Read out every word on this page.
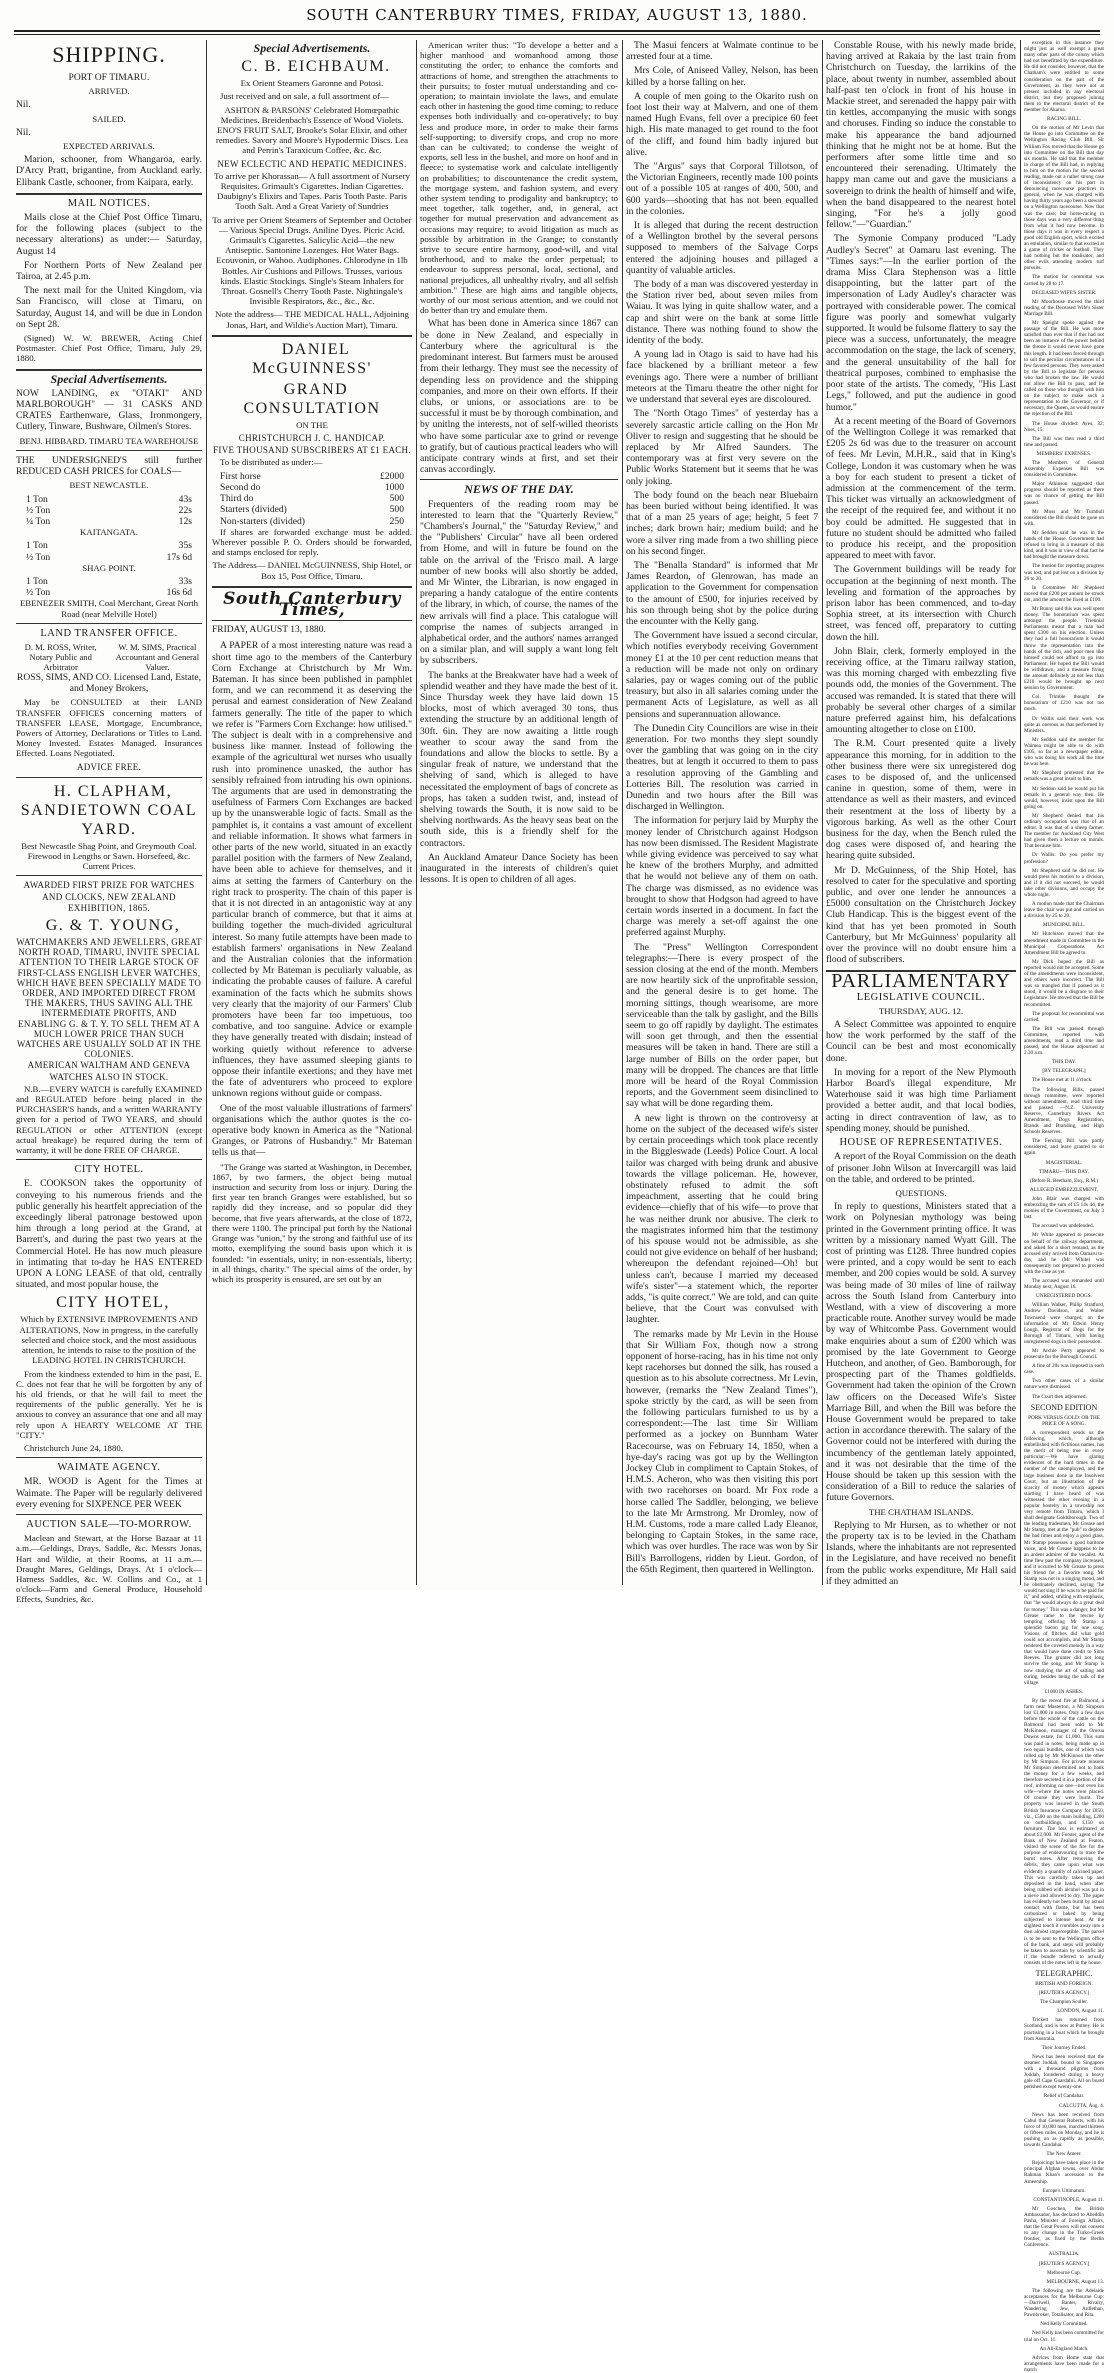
SOUTH CANTERBURY TIMES, FRIDAY, AUGUST 13, 1880.
SHIPPING.

PORT OF TIMARU.

ARRIVED.

Nil.

SAILED.

Nil.

EXPECTED ARRIVALS.

Marion, schooner, from Whangaroa, early. D'Arcy Pratt, brigantine, from Auckland early. Elibank Castle, schooner, from Kaipara, early.

MAIL NOTICES.

Mails close at the Chief Post Office Timaru, for the following places (subject to the necessary alterations) as under:— Saturday, August 14

For Northern Ports of New Zealand per Tairoa, at 2.45 p.m.

The next mail for the United Kingdom, via San Francisco, will close at Timaru, on Saturday, August 14, and will be due in London on Sept 28.

(Signed) W. W. BREWER, Acting Chief Postmaster. Chief Post Office, Timaru, July 29, 1880.

Special Advertisements.

NOW LANDING, ex "OTAKI" AND MARLBOROUGH" — 31 CASKS AND CRATES Earthenware, Glass, Ironmongery, Cutlery, Tinware, Bushware, Oilmen's Stores.

BENJ. HIBBARD. TIMARU TEA WAREHOUSE

THE UNDERSIGNED'S still further REDUCED CASH PRICES for COALS—

BEST NEWCASTLE.

1 Ton	43s
½ Ton	22s
¼ Ton	12s

KAITANGATA.

1 Ton	35s
½ Ton	17s 6d

SHAG POINT.

1 Ton	33s
½ Ton	16s 6d

EBENEZER SMITH, Coal Merchant, Great North Road (near Melville Hotel)

LAND TRANSFER OFFICE.

D. M. ROSS, Writer, Notary Public and Arbitrator
W. M. SIMS, Practical Accountant and General Valuer.

ROSS, SIMS, AND CO. Licensed Land, Estate, and Money Brokers,

May be CONSULTED at their LAND TRANSFER OFFICES concerning matters of TRANSFER LEASE, Mortgage, Encumbrance, Powers of Attorney, Declarations or Titles to Land. Money Invested. Estates Managed. Insurances Effected. Loans Negotiated.

ADVICE FREE.

H. CLAPHAM, SANDIETOWN COAL YARD.

Best Newcastle Shag Point, and Greymouth Coal. Firewood in Lengths or Sawn. Horsefeed, &c. Current Prices.

AWARDED FIRST PRIZE FOR WATCHES AND CLOCKS, NEW ZEALAND EXHIBITION, 1865.

G. & T. YOUNG,

WATCHMAKERS AND JEWELLERS, GREAT NORTH ROAD, TIMARU, INVITE SPECIAL ATTENTION TO THEIR LARGE STOCK OF FIRST-CLASS ENGLISH LEVER WATCHES, WHICH HAVE BEEN SPECIALLY MADE TO ORDER, AND IMPORTED DIRECT FROM THE MAKERS, THUS SAVING ALL THE INTERMEDIATE PROFITS, AND ENABLING G. & T. Y. TO SELL THEM AT A MUCH LOWER PRICE THAN SUCH WATCHES ARE USUALLY SOLD AT IN THE COLONIES.

AMERICAN WALTHAM AND GENEVA WATCHES ALSO IN STOCK.

N.B.—EVERY WATCH is carefully EXAMINED and REGULATED before being placed in the PURCHASER'S hands, and a written WARRANTY given for a period of TWO YEARS, and should REGULATION or other ATTENTION (except actual breakage) be required during the term of warranty, it will be done FREE OF CHARGE.

CITY HOTEL.

E. COOKSON takes the opportunity of conveying to his numerous friends and the public generally his heartfelt appreciation of the exceedingly liberal patronage bestowed upon him through a long period at the Grand, at Barrett's, and during the past two years at the Commercial Hotel. He has now much pleasure in intimating that to-day he HAS ENTERED UPON A LONG LEASE of that old, centrally situated, and most popular house, the

CITY HOTEL,

Which by EXTENSIVE IMPROVEMENTS AND ALTERATIONS, Now in progress, in the carefully selected and choice stock, and the most assiduous attention, he intends to raise to the position of the LEADING HOTEL IN CHRISTCHURCH.

From the kindness extended to him in the past, E. C. does not fear that he will be forgotten by any of his old friends, or that he will fail to meet the requirements of the public generally. Yet he is anxious to convey an assurance that one and all may rely upon A HEARTY WELCOME AT THE "CITY."

Christchurch June 24, 1880.

WAIMATE AGENCY.

MR. WOOD is Agent for the Times at Waimate. The Paper will be regularly delivered every evening for SIXPENCE PER WEEK

AUCTION SALE—TO-MORROW.

Maclean and Stewart, at the Horse Bazaar at 11 a.m.—Geldings, Drays, Saddle, &c. Messrs Jonas, Hart and Wildie, at their Rooms, at 11 a.m.—Draught Mares, Geldings, Drays. At 1 o'clock—Harness Saddles, &c. W. Collins and Co., at 1 o'clock—Farm and General Produce, Household Effects, Sundries, &c.

Special Advertisements.

C. B. EICHBAUM.

Ex Orient Steamers Garonne and Potosi.

Just received and on sale, a full assortment of—

ASHTON & PARSONS' Celebrated Homœpathic Medicines. Breidenbach's Essence of Wood Violets. ENO'S FRUIT SALT, Brooke's Solar Elixir, and other remedies. Savory and Moore's Hypodermic Discs. Lea and Perrin's Taraxicum Coffee, &c. &c.

NEW ECLECTIC AND HEPATIC MEDICINES.

To arrive per Khorassan— A full assortment of Nursery Requisites. Grimault's Cigarettes. Indian Cigarettes. Daubigny's Elixirs and Tapes. Paris Tooth Paste. Paris Tooth Salt. And a Great Variety of Sundries

To arrive per Orient Steamers of September and October— Various Special Drugs. Aniline Dyes. Picric Acid. Grimault's Cigarettes. Salicylic Acid—the new Antiseptic. Santonine Lozenges. Hot Water Bags. Ecouvonin, or Wahoo. Audiphones. Chlorodyne in 1lb Bottles. Air Cushions and Pillows. Trusses, various kinds. Elastic Stockings. Single's Steam Inhalers for Throat. Gosnell's Cherry Tooth Paste. Nightingale's Invisible Respirators, &c., &c., &c.

Note the address— THE MEDICAL HALL, Adjoining Jonas, Hart, and Wildie's Auction Mart), Timaru.

DANIEL McGUINNESS'

GRAND CONSULTATION

ON THE

CHRISTCHURCH J. C. HANDICAP.

FIVE THOUSAND SUBSCRIBERS AT £1 EACH.

To be distributed as under:—

First horse	£2000
Second do	1000
Third do	500
Starters (divided)	500
Non-starters (divided)	250

If shares are forwarded exchange must be added. Wherever possible P. O. Orders should be forwarded, and stamps enclosed for reply.

The Address— DANIEL McGUINNESS, Ship Hotel, or Box 15, Post Office, Timaru.

South Canterbury Times,

FRIDAY, AUGUST 13, 1880.

A PAPER of a most interesting nature was read a short time ago to the members of the Canterbury Corn Exchange at Christchurch by Mr Wm. Bateman. It has since been published in pamphlet form, and we can recommend it as deserving the perusal and earnest consideration of New Zealand farmers generally. The title of the paper to which we refer is "Farmers Corn Exchange: how utilised." The subject is dealt with in a comprehensive and business like manner. Instead of following the example of the agricultural wet nurses who usually rush into prominence unasked, the author has sensibly refrained from intruding his own opinions. The arguments that are used in demonstrating the usefulness of Farmers Corn Exchanges are backed up by the unanswerable logic of facts. Small as the pamphlet is, it contains a vast amount of excellent and reliable information. It shows what farmers in other parts of the new world, situated in an exactly parallel position with the farmers of New Zealand, have been able to achieve for themselves, and it aims at setting the farmers of Canterbury on the right track to prosperity. The chain of this paper is that it is not directed in an antagonistic way at any particular branch of commerce, but that it aims at building together the much-divided agricultural interest. So many futile attempts have been made to establish farmers' organisations in New Zealand and the Australian colonies that the information collected by Mr Bateman is peculiarly valuable, as indicating the probable causes of failure. A careful examination of the facts which he submits shows very clearly that the majority of our Farmers' Club promoters have been far too impetuous, too combative, and too sanguine. Advice or example they have generally treated with disdain; instead of working quietly without reference to adverse influences, they have assumed sleeping giants to oppose their infantile exertions; and they have met the fate of adventurers who proceed to explore unknown regions without guide or compass.

One of the most valuable illustrations of farmers' organisations which the author quotes is the co-operative body known in America as the "National Granges, or Patrons of Husbandry." Mr Bateman tells us that—

"The Grange was started at Washington, in December, 1867, by two farmers, the object being mutual instruction and security from loss or injury. During the first year ten branch Granges were established, but so rapidly did they increase, and so popular did they become, that five years afterwards, at the close of 1872, there were 1100. The principal put forth by the National Grange was "union," by the strong and faithful use of its motto, exemplifying the sound basis upon which it is founded: "in essentials, unity; in non-essentials, liberty; in all things, charity." The special aims of the order, by which its prosperity is ensured, are set out by an

American writer thus: "To develope a better and a higher manhood and womanhood among those constituting the order; to enhance the comforts and attractions of home, and strengthen the attachments to their pursuits; to foster mutual understanding and co-operation; to maintain inviolate the laws, and emulate each other in hastening the good time coming; to reduce expenses both individually and co-operatively; to buy less and produce more, in order to make their farms self-supporting; to diversify crops, and crop no more than can be cultivated; to condense the weight of exports, sell less in the bushel, and more on hoof and in fleece; to systematise work and calculate intelligently on probabilities; to discountenance the credit system, the mortgage system, and fashion system, and every other system tending to prodigality and bankruptcy; to meet together, talk together, and, in general, act together for mutual preservation and advancement as occasions may require; to avoid litigation as much as possible by arbitration in the Grange; to constantly strive to secure entire harmony, good-will, and vital brotherhood, and to make the order perpetual; to endeavour to suppress personal, local, sectional, and national prejudices, all unhealthy rivalry, and all selfish ambition." These are high aims and tangible objects, worthy of our most serious attention, and we could not do better than try and emulate them.

What has been done in America since 1867 can be done in New Zealand, and especially in Canterbury where the agricultural is the predominant interest. But farmers must be aroused from their lethargy. They must see the necessity of depending less on providence and the shipping companies, and more on their own efforts. If their clubs, or unions, or associations are to be successful it must be by thorough combination, and by unitlng the interests, not of self-willed theorists who have some particular axe to grind or revenge to gratify, but of cautious practical leaders who will anticipate contrary winds at first, and set their canvas accordingly.

NEWS OF THE DAY.

Frequenters of the reading room may be interested to learn that the "Quarterly Review," "Chambers's Journal," the "Saturday Review," and the "Publishers' Circular" have all been ordered from Home, and will in future be found on the table on the arrival of the 'Frisco mail. A large number of new books will also shortly be added, and Mr Winter, the Librarian, is now engaged in preparing a handy catalogue of the entire contents of the library, in which, of course, the names of the new arrivals will find a place. This catalogue will comprise the names of subjects arranged in alphabetical order, and the authors' names arranged on a similar plan, and will supply a want long felt by subscribers.

The banks at the Breakwater have had a week of splendid weather and they have made the best of it. Since Thursday week they have laid down 15 blocks, most of which averaged 30 tons, thus extending the structure by an additional length of 30ft. 6in. They are now awaiting a little rough weather to scour away the sand from the foundations and allow the blocks to settle. By a singular freak of nature, we understand that the shelving of sand, which is alleged to have necessitated the employment of bags of concrete as props, has taken a sudden twist, and, instead of shelving towards the South, it is now said to be shelving northwards. As the heavy seas beat on the south side, this is a friendly shelf for the contractors.

An Auckland Amateur Dance Society has been inaugurated in the interests of children's quiet lessons. It is open to children of all ages.

The Masui fencers at Walmate continue to be arrested four at a time.

Mrs Cole, of Aniseed Valley, Nelson, has been killed by a horse falling on her.

A couple of men going to the Okarito rush on foot lost their way at Malvern, and one of them named Hugh Evans, fell over a precipice 60 feet high. His mate managed to get round to the foot of the cliff, and found him badly injured but alive.

The "Argus" says that Corporal Tillotson, of the Victorian Engineers, recently made 100 points out of a possible 105 at ranges of 400, 500, and 600 yards—shooting that has not been equalled in the colonies.

It is alleged that during the recent destruction of a Wellington brothel by the several persons supposed to members of the Salvage Corps entered the adjoining houses and pillaged a quantity of valuable articles.

The body of a man was discovered yesterday in the Station river bed, about seven miles from Waiau. It was lying in quite shallow water, and a cap and shirt were on the bank at some little distance. There was nothing found to show the identity of the body.

A young lad in Otago is said to have had his face blackened by a brilliant meteor a few evenings ago. There were a number of brilliant meteors at the Timaru theatre the other night for we understand that several eyes are discoloured.

The "North Otago Times" of yesterday has a severely sarcastic article calling on the Hon Mr Oliver to resign and suggesting that he should be replaced by Mr Alfred Saunders. The contemporary was at first very severe on the Public Works Statement but it seems that he was only joking.

The body found on the beach near Bluebairn has been buried without being identified. It was that of a man 25 years of age; height, 5 feet 7 inches; dark brown hair; medium build; and he wore a silver ring made from a two shilling piece on his second finger.

The "Benalla Standard" is informed that Mr James Reardon, of Glenrowan, has made an application to the Government for compensation to the amount of £500, for injuries received by his son through being shot by the police during the encounter with the Kelly gang.

The Government have issued a second circular, which notifies everybody receiving Government money £1 at the 10 per cent reduction means that a reduction will be made not only on ordinary salaries, pay or wages coming out of the public treasury, but also in all salaries coming under the permanent Acts of Legislature, as well as all pensions and superannuation allowance.

The Dunedin City Councillors are wise in their generation. For two months they slept soundly over the gambling that was going on in the city theatres, but at length it occurred to them to pass a resolution approving of the Gambling and Lotteries Bill. The resolution was carried in Dunedin and two hours after the Bill was discharged in Wellington.

The information for perjury laid by Murphy the money lender of Christchurch against Hodgson has now been dismissed. The Resident Magistrate while giving evidence was perceived to say what he knew of the brothers Murphy, and admitted that he would not believe any of them on oath. The charge was dismissed, as no evidence was brought to show that Hodgson had agreed to have certain words inserted in a document. In fact the charge was merely a set-off against the one preferred against Murphy.

The "Press" Wellington Correspondent telegraphs:—There is every prospect of the session closing at the end of the month. Members are now heartily sick of the unprofitable session, and the general desire is to get home. The morning sittings, though wearisome, are more serviceable than the talk by gaslight, and the Bills seem to go off rapidly by daylight. The estimates will soon get through, and then the essential measures will be taken in hand. There are still a large number of Bills on the order paper, but many will be dropped. The chances are that little more will be heard of the Royal Commission reports, and the Government seem disinclined to say what will be done regarding them.

A new light is thrown on the controversy at home on the subject of the deceased wife's sister by certain proceedings which took place recently in the Biggleswade (Leeds) Police Court. A local tailor was charged with being drunk and abusive towards the village policeman. He, however, obstinately refused to admit the soft impeachment, asserting that he could bring evidence—chiefly that of his wife—to prove that he was neither drunk nor abusive. The clerk to the magistrates informed him that the testimony of his spouse would not be admissible, as she could not give evidence on behalf of her husband; whereupon the defendant rejoined—Oh! but unless can't, because I married my deceased wife's sister"—a statement which, the reporter adds, "is quite correct." We are told, and can quite believe, that the Court was convulsed with laughter.

The remarks made by Mr Levin in the House that Sir William Fox, though now a strong opponent of horse-racing, has in his time not only kept racehorses but donned the silk, has roused a question as to his absolute correctness. Mr Levin, however, (remarks the "New Zealand Times"), spoke strictly by the card, as will be seen from the following particulars furnished to us by a correspondent:—The last time Sir William performed as a jockey on Bunnham Water Racecourse, was on February 14, 1850, when a hye-day's racing was got up by the Wellington Jockey Club in compliment to Captain Stokes, of H.M.S. Acheron, who was then visiting this port with two racehorses on board. Mr Fox rode a horse called The Saddler, belonging, we believe to the late Mr Armstrong. Mr Dromley, now of H.M. Customs, rode a mare called Lady Eleanor, belonging to Captain Stokes, in the same race, which was over hurdles. The race was won by Sir Bill's Barrollogens, ridden by Lieut. Gordon, of the 65th Regiment, then quartered in Wellington.

Constable Rouse, with his newly made bride, having arrived at Rakaia by the last train from Christchurch on Tuesday, the larrikins of the place, about twenty in number, assembled about half-past ten o'clock in front of his house in Mackie street, and serenaded the happy pair with tin kettles, accompanying the music with songs and choruses. Finding so induce the constable to make his appearance the band adjourned thinking that he might not be at home. But the performers after some little time and so encountered their serenading. Ultimately the happy man came out and gave the musicians a sovereign to drink the health of himself and wife, when the band disappeared to the nearest hotel singing, "For he's a jolly good fellow."—"Guardian."

The Symonie Company produced "Lady Audley's Secret" at Oamaru last evening. The "Times says:"—In the earlier portion of the drama Miss Clara Stephenson was a little disappointing, but the latter part of the impersonation of Lady Audley's character was portrayed with considerable power. The comical figure was poorly and somewhat vulgarly supported. It would be fulsome flattery to say the piece was a success, unfortunately, the meagre accommodation on the stage, the lack of scenery, and the general unsuitability of the hall for theatrical purposes, combined to emphasise the poor state of the artists. The comedy, "His Last Legs," followed, and put the audience in good humor."

At a recent meeting of the Board of Governors of the Wellington College it was remarked that £205 2s 6d was due to the treasurer on account of fees. Mr Levin, M.H.R., said that in King's College, London it was customary when he was a boy for each student to present a ticket of admission at the commencement of the term. This ticket was virtually an acknowledgment of the receipt of the required fee, and without it no boy could be admitted. He suggested that in future no student should be admitted who failed to produce his receipt, and the proposition appeared to meet with favor.

The Government buildings will be ready for occupation at the beginning of next month. The leveling and formation of the approaches by prison labor has been commenced, and to-day Sophia street, at its intersection with Church street, was fenced off, preparatory to cutting down the hill.

John Blair, clerk, formerly employed in the receiving office, at the Timaru railway station, was this morning charged with embezzling five pounds odd, the monies of the Government. The accused was remanded. It is stated that there will probably be several other charges of a similar nature preferred against him, his defalcations amounting altogether to close on £100.

The R.M. Court presented quite a lively appearance this morning, for in addition to the other business there were six unregistered dog cases to be disposed of, and the unlicensed canine in question, some of them, were in attendance as well as their masters, and evinced their resentment at the loss of liberty by a vigorous barking. As well as the other Court business for the day, when the Bench ruled the dog cases were disposed of, and hearing the hearing quite subsided.

Mr D. McGuinness, of the Ship Hotel, has resolved to cater for the speculative and sporting public, and over one lender he announces a £5000 consultation on the Christchurch Jockey Club Handicap. This is the biggest event of the kind that has yet been promoted in South Canterbury, but Mr McGuinness' popularity all over the province will no doubt ensure him a flood of subscribers.

PARLIAMENTARY

LEGISLATIVE COUNCIL.

THURSDAY, AUG. 12.

A Select Committee was appointed to enquire how the work performed by the staff of the Council can be best and most economically done.

In moving for a report of the New Plymouth Harbor Board's illegal expenditure, Mr Waterhouse said it was high time Parliament provided a better audit, and that local bodies, acting in direct contravention of law, as to spending money, should be punished.

HOUSE OF REPRESENTATIVES.

A report of the Royal Commission on the death of prisoner John Wilson at Invercargill was laid on the table, and ordered to be printed.

QUESTIONS.

In reply to questions, Ministers stated that a work on Polynesian mythology was being printed in the Government printing office. It was written by a missionary named Wyatt Gill. The cost of printing was £128. Three hundred copies were printed, and a copy would be sent to each member, and 200 copies would be sold. A survey was being made of 30 miles of line of railway across the South Island from Canterbury into Westland, with a view of discovering a more practicable route. Another survey would be made by way of Whitcombe Pass. Government would make enquiries about a sum of £200 which was promised by the late Government to George Hutcheon, and another, of Geo. Bamborough, for prospecting part of the Thames goldfields. Government had taken the opinion of the Crown law officers on the Deceased Wife's Sister Marriage Bill, and when the Bill was before the House Government would be prepared to take action in accordance therewith. The salary of the Governor could not be interfered with during the incumbency of the gentleman lately appointed, and it was not desirable that the time of the House should be taken up this session with the consideration of a Bill to reduce the salaries of future Governors.

THE CHATHAM ISLANDS.

Replying to Mr Hursen, as to whether or not the property tax is to be levied in the Chatham Islands, where the inhabitants are not represented in the Legislature, and have received no benefit from the public works expenditure, Mr Hall said if they admitted an

exception in this instance they might just as well exempt a great many other parts of the colony which had not benefitted by the expenditure. He did not consider, however, that the Chatham's were entitled to some consideration on the part of the Government, as they were not at present included in any electoral district, but they proposed joining them to the electoral district of the member for Akaroa.

RACING BILL.

On the motion of Mr Levin that the House go into Committee on the Wellington Racing Club Bill, Sir William Fox moved that the House go into Committee on the Bill that day six months. He said that the member in charge of the Bill had, in replying to him on the motion for the second reading, made out a rather strong case of inconsistency on his part in denouncing racecourse practices in general, when he was charged with having thirty years ago been a steward on a Wellington racecourse. Now that was the case; but horse-racing in those days was a very different thing from what it had now become. In those days it was in every respect a good old English sport, which excited an emulation, similar to that excited at a game of cricket or football. They had nothing but the totalisator, and other evils attending modern turf pursuits.

The motion for committal was carried by 28 to 17.

DECEASED WIFE'S SISTER.

Mr Moorhouse moved the third reading of the Deceased Wife's Sister Marriage Bill.

Mr Speight spoke against the passage of the Bill. He was more satisfied than ever that if this had not been an instance of the power behind the throne it would never have gone this length. It had been forced through to suit the peculiar circumstances of a few favored persons. They were asked by the Bill to legislate for persons who had broken the law. He would not allow the Bill to pass, and he called on those who thought with him on the subject to make such a representation to the Governor, or if necessary, the Queen, as would ensure the rejection of the Bill.

The House divided: Ayes, 32; Noes, 15.

The Bill was then read a third time and passed.

MEMBERS' EXPENSES.

The Members of General Assembly Expenses Bill was considered in Committee.

Major Atkinson suggested that progress should be reported as there was no chance of getting the Bill passed.

Mr Moss and Mr Turnbull considered the Bill should be gone on with.

Mr Seddon said he was in the hands of the House. Government had refused to bring in a measure of this kind, and it was in view of that fact he had brought the measure down.

The motion for reporting progress was lost, and put lost on a division by 26 to 20.

In Committee Mr Shepherd moved that £200 per annum be struck out, and the amount be fixed at £100.

Mr Bunny said this was well spent money. The honorarium was spent amongst the people. Triennial Parliaments meant that a man had spent £300 on his election. Unless they had a full honorarium it would throw the representation into the hands of the rich, and poor men like himself could not afford to go into Parliament. He hoped the Bill would be withdrawn, and a measure fixing the amount definitely at not less than £210 would be brought up next session by Government.

Col. Trimble thought the honorarium of £210 was not too much.

Dr Wallis said their work was quite as onerous as that performed by Ministers.

Mr Seddon said the member for Waimea might be able to do with £105, so far as a newspaper editor, who was doing his work all the time he was here.

Mr Shepherd protested that the remark was a great insult to him.

Mr Seddon said he would put his remark in a general way then. He would, however, insist upon the Bill going on.

Mr Shepherd denied that his ordinary occupation was that of an editor. It was that of a sheep farmer. The member for Auckland City West had given them a lecture on morals. That because him.

Dr Wallis: Do you prefer my profession?

Mr Shepherd said he did not. He would press his motion to a division, and if it did not succeed, he would take other divisions, and occupy the whole night.

A motion made that the Chairman leave the chair was put and carried on a division by 25 to 20.

MUNICIPAL BILL.

Mr Hutchison moved that the amendment made in Committee to the Municipal Corporations Act Amendment Bill be agreed to.

Mr Dick hoped the Bill as reported would not be accepted. Some of the amendments were inconsistent, and others were incorrect. The Bill was so mangled that if passed as it stood, it would be a disgrace to their Legislature. He moved that the Bill be recommitted.

The proposal for recommittal was carried.

The Bill was passed through Committee, reported with amendments, read a third time and passed, and the House adjourned at 2.30 a.m.

THIS DAY.

[BY TELEGRAPH.]

The House met at 11 o'clock.

The following Bills, passed through committee, were reported without amendment, read third time and passed —N.Z. University Reserve, Canterbury Rivers Act Amendment, Dogs Registration, Brands and Branding, and High Schools Reserves.

The Fencing Bill was partly considered, and leave granted to sit again.

MAGISTERIAL.

TIMARU—THIS DAY.

(Before R. Beetham, Esq., R.M.)

ALLEGED EMBEZZLEMENT.

John Blair was charged with embezzling the sum of £5 14s 4d, the monies of the Government, on July 3 last.

The accused was undefended.

Mr White appeared to prosecute on behalf of the railway department, and asked for a short remand, as the accused only arrived from Oamaru to-day, and he (Mr White) was consequently not prepared to proceed with the case as yet.

The accused was remanded until Monday next, August 16.

UNREGISTERED DOGS.

William Walker, Philip Stratford, Andrew Davidson, and Walter Townsend were charged, on the information of Mr Edwin Henry Lough, Registrar of Dogs for the Borough of Timaru, with having unregistered dogs in their possession.

Mr Archie Perry appeared to prosecute for the Borough Council.

A fine of 20s was imposed in each case.

Two other cases of a similar nature were dismissed.

The Court then adjourned.

SECOND EDITION

PORK VERSUS GOLD: OR THE PRICE OF A SONG.

A correspondent sends us the following, which, although embellished with fictitious names, has the merit of being true in every particular:—We have glaring evidences of the hard times in the number of the unemployed, and the large business done in the Insolvent Court, but an illustration of the scarcity of money which appears startling I have heard of was witnessed the other evening in a popular hostelry in a township not very remote from Timaru, which I shall designate Goldsborough. Two of the leading tradesmen, Mr Grease and Mr Stamp, met at the "pub" to deplore the bad times and enjoy a good glass. Mr Stamp possesses a good baritone voice, and Mr Grease happens to be an ardent admirer of the vocalist. As time flew past the company increased, and it occurred to Mr Grease to press his friend for a favorite song. Mr Stamp was not in a singing mood, and he obstinately declined, saying "he would not sing if he was to be paid for it," and added, smiling with emphasis, that "he would always do a great deal for money." This was a danger, but Mr Grease came to the rescue by tempting offering Mr Stamp a splendid bacon pig for one song. Visions of flitches did what gold could not accomplish, and Mr Stamp rendered the coveted melody in a way that would have done credit to Sims Reeves. The grunter did not long survive the song, and Mr Stamp is now studying the art of salting and curing, besides being the talk of the village.

£1000 IN ASHES.

By the recent fire at Balmoral, a farm near Masterton, a Mr Simpson lost £1,000 in notes. Only a few days before the whole of the cattle on the Balmoral had been sold to Mr McKinnon, manager of the Ororua Downs estate, for £1,000. This sum was paid in notes, being made up in two equal bundles, one of which was rolled up by Mr McKinnon the other by Mr Simpson. For private reasons Mr Simpson determined not to bank the money for a few weeks, and therefore secreted it in a portion of the roof, informing no one—not even his wife—where the notes were placed. Of course they were burnt. The property was insured in the South British Insurance Company for £850, viz., £500 on the main building, £200 on outbuildings, and £150 on furniture. The loss is estimated at about £2,000. Mr Forster, agent of the Bank of New Zealand at Featon, visited the scene of the fire for the purpose of endeavouring to trace the burnt notes. After removing the débris, they came upon what was evidently a quantity of calcined paper. This was carefully taken up and deposited in the hand, when after being rubbed with alcohol was put in a sieve and allowed to dry. The paper has evidently not been burnt by actual contact with flame, but has been carbonized or baked by being subjected to intense heat. At the slightest touch it crumbles away into a dust almost imperceptible. The parcel is to be sent to the Wellington office of the bank, and steps will probably be taken to ascertain by scientific aid if the bundle referred to actually consists of the notes left in the house.

TELEGRAPHIC.

BRITISH AND FOREIGN.

[REUTER'S AGENCY.]

The Champion Sculler.

LONDON, August 11.

Trickett has returned from Scotland, and is now at Putney. He is practising in a boat which he brought from Australia.

Their Journey Ended.

News has been received that the steamer Joddah, bound to Singapore with a thousand pilgrims from Joddah, foundered during a heavy gale off Cape Guardafui. All on board perished except twenty-one.

Relief of Candahar.

CALCUTTA, Aug. 4.

News has been received from Cabul that General Roberts, with his force of 10,000 men, marched thirteen or fifteen miles on Monday, and he is pushing on as rapidly as possible, towards Candahar.

The New Ameer.

Rejoicings have taken place in the principal Afghan towns, over Abdur Rahman Khan's accession to the Ameership.

Europe's Ultimatum.

CONSTANTINOPLE, August 11.

Mr Goschen, the British Ambassador, has declared to Abeddin Pasha, Minister of Foreign Affairs, that the Great Powers will not consent to any change in the Turko-Greek frontier, as fixed by the Berlin Conference.

AUSTRALIA.

[REUTER'S AGENCY.]

Melbourne Cup.

MELBOURNE, August 13.

The following are the Adelaide acceptances for the Melbourne Cup:—Darriwell, Banter, Rivalry, Wandering Jew, Ardlethan, Pawnbroker, Totalisator, and Rita.

Ned Kelly Committed.

Ned Kelly has been committed for trial on Oct. 11.

An All-England Match.

Advices from Home state that arrangements have been made for a match
